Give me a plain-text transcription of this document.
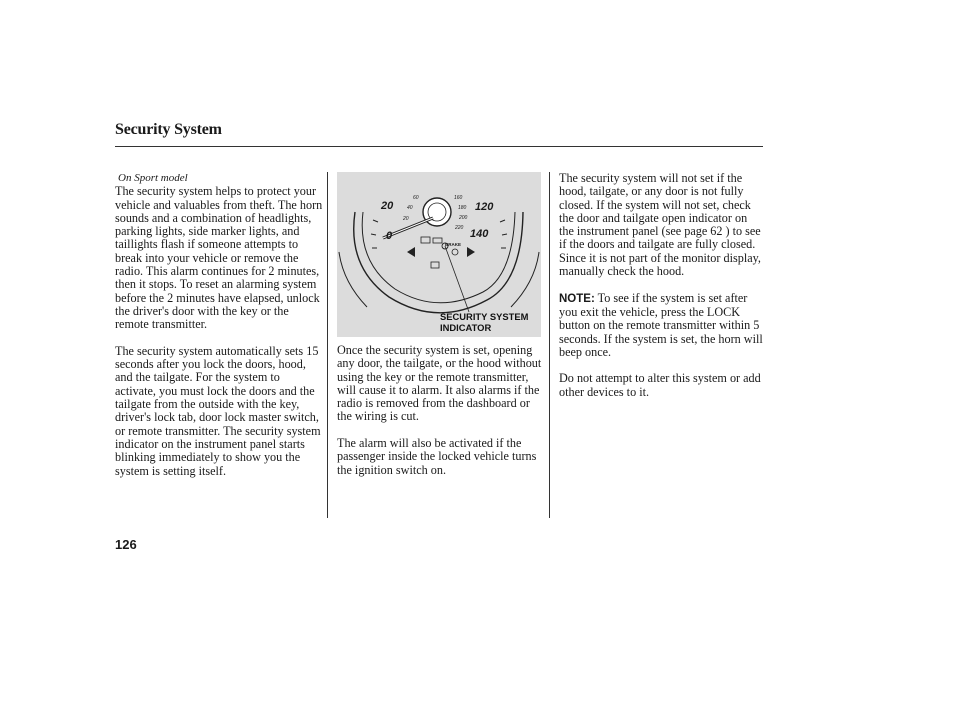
Security System
On Sport model

The security system helps to protect your vehicle and valuables from theft. The horn sounds and a combination of headlights, parking lights, side marker lights, and taillights flash if someone attempts to break into your vehicle or remove the radio. This alarm continues for 2 minutes, then it stops. To reset an alarming system before the 2 minutes have elapsed, unlock the driver's door with the key or the remote transmitter.

The security system automatically sets 15 seconds after you lock the doors, hood, and the tailgate. For the system to activate, you must lock the doors and the tailgate from the outside with the key, driver's lock tab, door lock master switch, or remote transmitter. The security system indicator on the instrument panel starts blinking immediately to show you the system is setting itself.

20
0
120
140
60
40
20
160
180
200
220
BRAKE
SECURITY SYSTEM
INDICATOR

Once the security system is set, opening any door, the tailgate, or the hood without using the key or the remote transmitter, will cause it to alarm. It also alarms if the radio is removed from the dashboard or the wiring is cut.

The alarm will also be activated if the passenger inside the locked vehicle turns the ignition switch on.

The security system will not set if the hood, tailgate, or any door is not fully closed. If the system will not set, check the door and tailgate open indicator on the instrument panel (see page 62 ) to see if the doors and tailgate are fully closed. Since it is not part of the monitor display, manually check the hood.

NOTE: To see if the system is set after you exit the vehicle, press the LOCK button on the remote transmitter within 5 seconds. If the system is set, the horn will beep once.

Do not attempt to alter this system or add other devices to it.

126
